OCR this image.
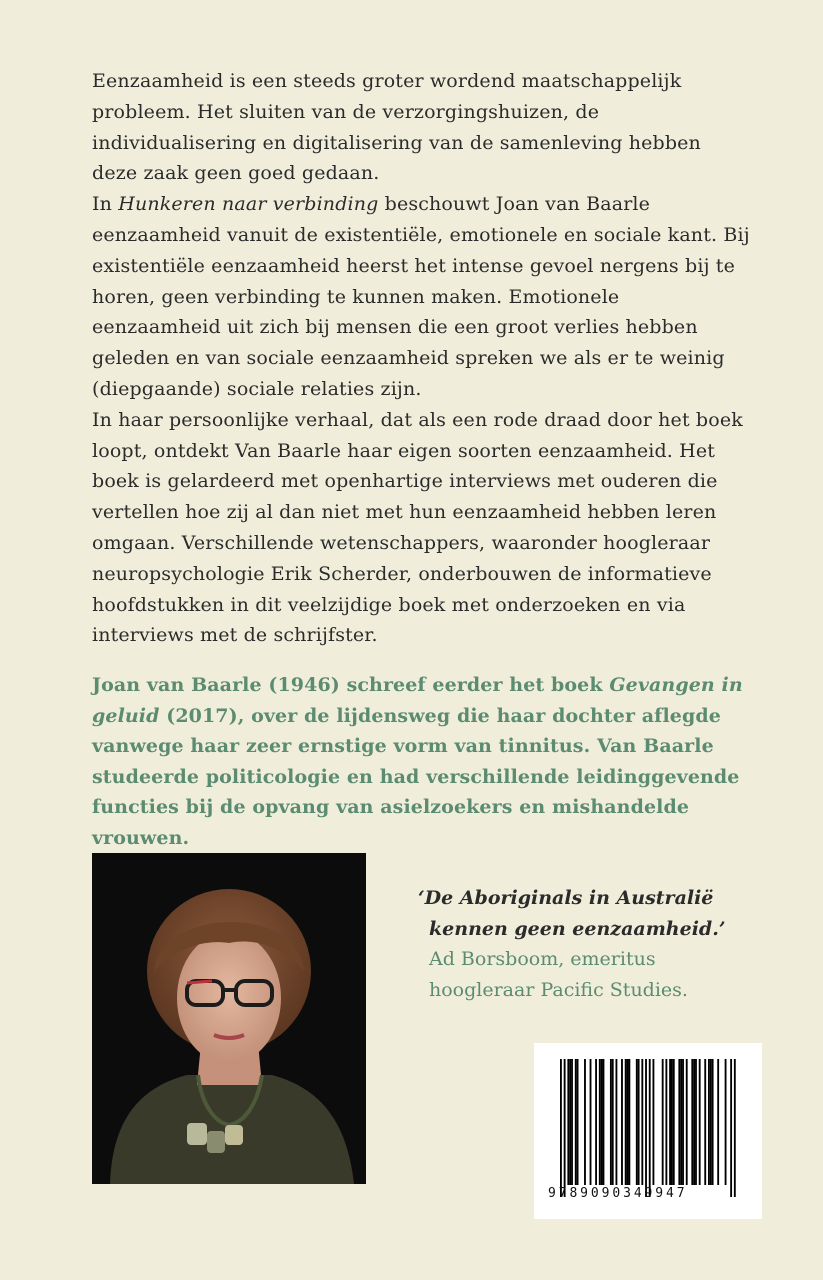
Eenzaamheid is een steeds groter wordend maatschappelijk probleem. Het sluiten van de verzorgingshuizen, de individualisering en digitalisering van de samenleving hebben deze zaak geen goed gedaan.

In Hunkeren naar verbinding beschouwt Joan van Baarle eenzaamheid vanuit de existentiële, emotionele en sociale kant. Bij existentiële eenzaamheid heerst het intense gevoel nergens bij te horen, geen verbinding te kunnen maken. Emotionele eenzaamheid uit zich bij mensen die een groot verlies hebben geleden en van sociale eenzaamheid spreken we als er te weinig (diepgaande) sociale relaties zijn.

In haar persoonlijke verhaal, dat als een rode draad door het boek loopt, ontdekt Van Baarle haar eigen soorten eenzaamheid. Het boek is gelardeerd met openhartige interviews met ouderen die vertellen hoe zij al dan niet met hun eenzaamheid hebben leren omgaan. Verschillende wetenschappers, waaronder hoogleraar neuropsychologie Erik Scherder, onderbouwen de informatieve hoofdstukken in dit veelzijdige boek met onderzoeken en via interviews met de schrijfster.

Joan van Baarle (1946) schreef eerder het boek Gevangen in geluid (2017), over de lijdensweg die haar dochter aflegde vanwege haar zeer ernstige vorm van tinnitus. Van Baarle studeerde politicologie en had verschillende leidinggevende functies bij de opvang van asielzoekers en mishandelde vrouwen.

‘De Aboriginals in Australië
kennen geen eenzaamheid.’

Ad Borsboom, emeritus

hoogleraar Pacific Studies.

9789090349947
